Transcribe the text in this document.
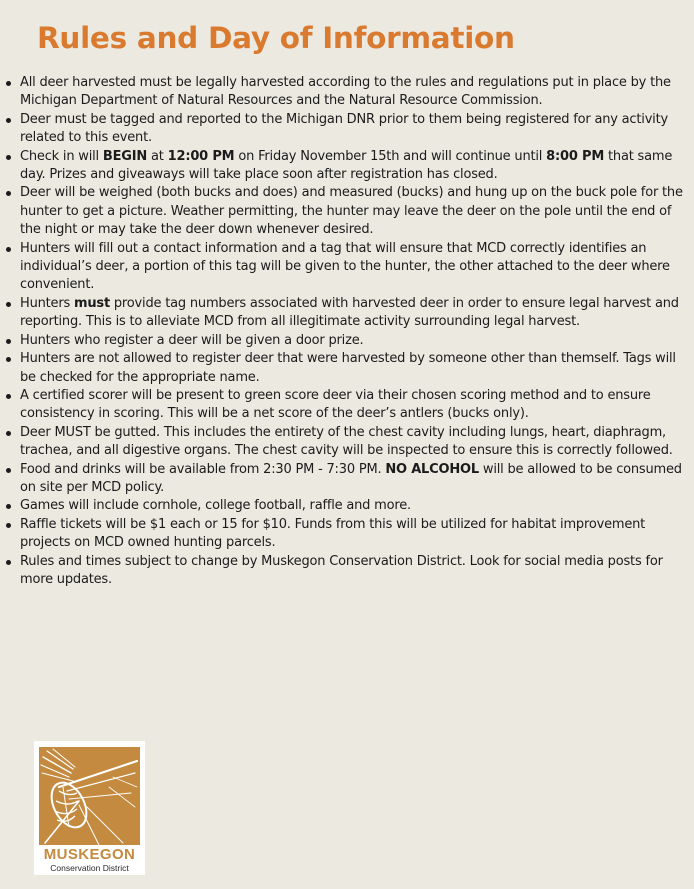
Rules and Day of Information
All deer harvested must be legally harvested according to the rules and regulations put in place by the Michigan Department of Natural Resources and the Natural Resource Commission.
Deer must be tagged and reported to the Michigan DNR prior to them being registered for any activity related to this event.
Check in will BEGIN at 12:00 PM on Friday November 15th and will continue until 8:00 PM that same day. Prizes and giveaways will take place soon after registration has closed.
Deer will be weighed (both bucks and does) and measured (bucks) and hung up on the buck pole for the hunter to get a picture. Weather permitting, the hunter may leave the deer on the pole until the end of the night or may take the deer down whenever desired.
Hunters will fill out a contact information and a tag that will ensure that MCD correctly identifies an individual’s deer, a portion of this tag will be given to the hunter, the other attached to the deer where convenient.
Hunters must provide tag numbers associated with harvested deer in order to ensure legal harvest and reporting. This is to alleviate MCD from all illegitimate activity surrounding legal harvest.
Hunters who register a deer will be given a door prize.
Hunters are not allowed to register deer that were harvested by someone other than themself. Tags will be checked for the appropriate name.
A certified scorer will be present to green score deer via their chosen scoring method and to ensure consistency in scoring. This will be a net score of the deer’s antlers (bucks only).
Deer MUST be gutted. This includes the entirety of the chest cavity including lungs, heart, diaphragm, trachea, and all digestive organs. The chest cavity will be inspected to ensure this is correctly followed.
Food and drinks will be available from 2:30 PM - 7:30 PM. NO ALCOHOL will be allowed to be consumed on site per MCD policy.
Games will include cornhole, college football, raffle and more.
Raffle tickets will be $1 each or 15 for $10. Funds from this will be utilized for habitat improvement projects on MCD owned hunting parcels.
Rules and times subject to change by Muskegon Conservation District. Look for social media posts for more updates.
MUSKEGON
Conservation District
